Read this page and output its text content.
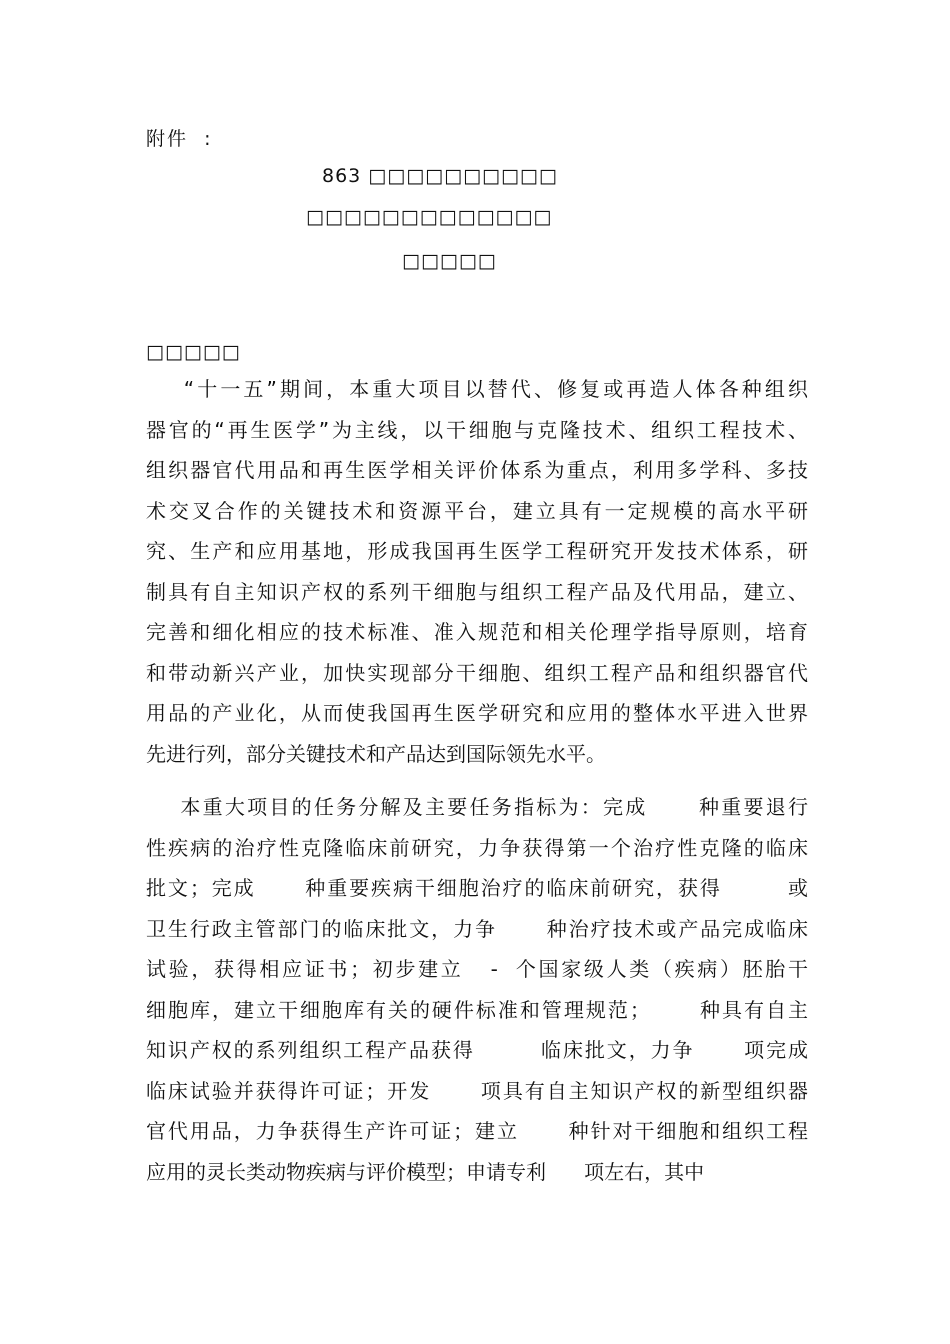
附件  :
863 □□□□□□□□□□
□□□□□□□□□□□□□
□□□□□
□□□□□
“十一五”期间，本重大项目以替代、修复或再造人体各种组织
器官的“再生医学”为主线，以干细胞与克隆技术、组织工程技术、
组织器官代用品和再生医学相关评价体系为重点，利用多学科、多技
术交叉合作的关键技术和资源平台，建立具有一定规模的高水平研
究、生产和应用基地，形成我国再生医学工程研究开发技术体系，研
制具有自主知识产权的系列干细胞与组织工程产品及代用品，建立、
完善和细化相应的技术标准、准入规范和相关伦理学指导原则，培育
和带动新兴产业，加快实现部分干细胞、组织工程产品和组织器官代
用品的产业化，从而使我国再生医学研究和应用的整体水平进入世界
先进行列，部分关键技术和产品达到国际领先水平。
本重大项目的任务分解及主要任务指标为：完成      种重要退行
性疾病的治疗性克隆临床前研究，力争获得第一个治疗性克隆的临床
批文；完成      种重要疾病干细胞治疗的临床前研究，获得        或
卫生行政主管部门的临床批文，力争      种治疗技术或产品完成临床
试验，获得相应证书；初步建立   -  个国家级人类（疾病）胚胎干
细胞库，建立干细胞库有关的硬件标准和管理规范；      种具有自主
知识产权的系列组织工程产品获得        临床批文，力争      项完成
临床试验并获得许可证；开发      项具有自主知识产权的新型组织器
官代用品，力争获得生产许可证；建立      种针对干细胞和组织工程
应用的灵长类动物疾病与评价模型；申请专利      项左右，其中
